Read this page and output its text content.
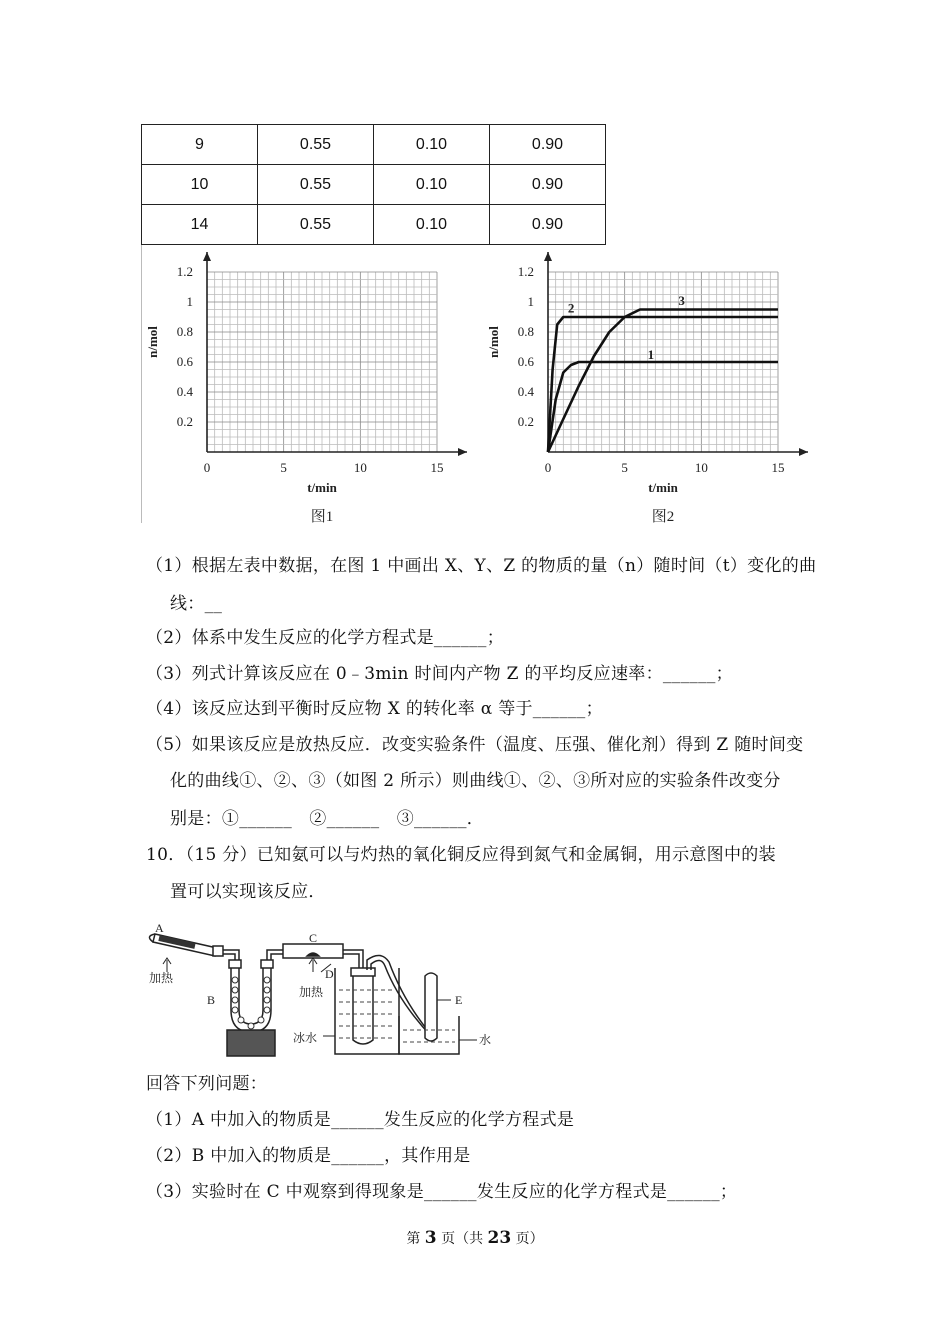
9	0.55	0.10	0.90
10	0.55	0.10	0.90
14	0.55	0.10	0.90
1.2
1
0.8
0.6
0.4
0.2
0	5	10	15
n/mol
t/min
图1
1.2
1
0.8
0.6
0.4
0.2
0	5	10	15
n/mol
t/min
图2
1
2	3
（1）根据左表中数据，在图 1 中画出 X、Y、Z 的物质的量（n）随时间（t）变化的曲
线：__
（2）体系中发生反应的化学方程式是______；
（3）列式计算该反应在 0﹣3min 时间内产物 Z 的平均反应速率：______；
（4）该反应达到平衡时反应物 X 的转化率 α 等于______；
（5）如果该反应是放热反应．改变实验条件（温度、压强、催化剂）得到 Z 随时间变
化的曲线①、②、③（如图 2 所示）则曲线①、②、③所对应的实验条件改变分
别是：①______　②______　③______．
10．（15 分）已知氨可以与灼热的氧化铜反应得到氮气和金属铜，用示意图中的装
置可以实现该反应．
A
加热
B
C
D
加热
冰水
E
水
回答下列问题：
（1）A 中加入的物质是______发生反应的化学方程式是
（2）B 中加入的物质是______，其作用是
（3）实验时在 C 中观察到得现象是______发生反应的化学方程式是______；
第 3 页（共 23 页）
